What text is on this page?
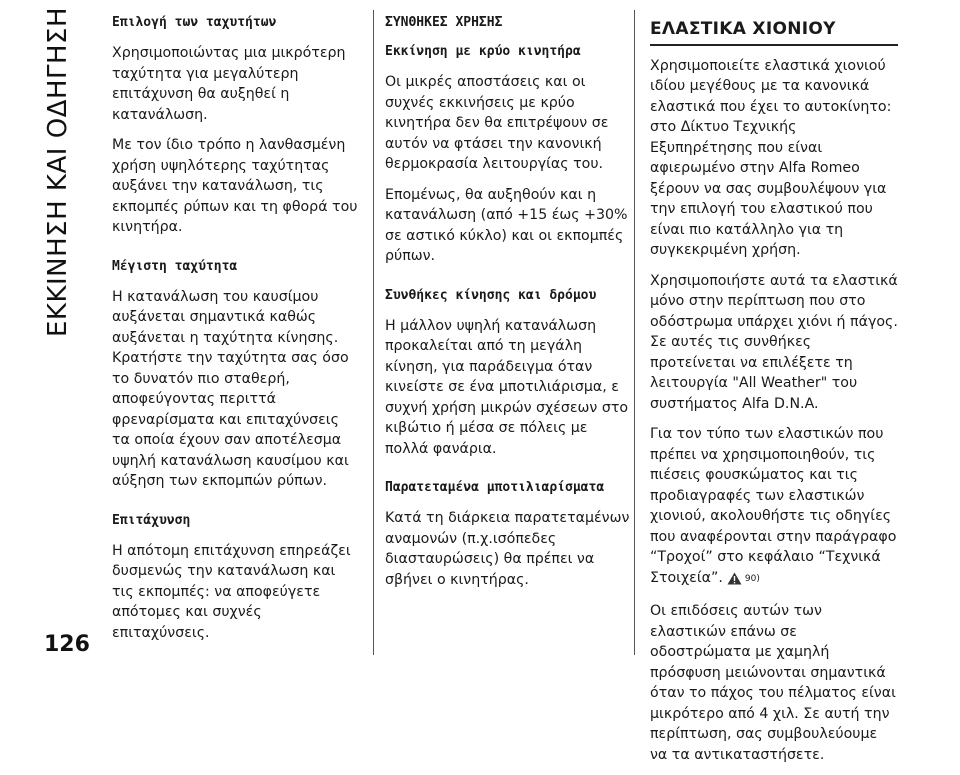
ΕΚΚΙΝΗΣΗ ΚΑΙ ΟΔΗΓΗΣΗ	Επιλογή των ταχυτήτων

Χρησιμοποιώντας μια μικρότερη ταχύτητα για μεγαλύτερη επιτάχυνση θα αυξηθεί η κατανάλωση.

Με τον ίδιο τρόπο η λανθασμένη χρήση υψηλότερης ταχύτητας αυξάνει την κατανάλωση, τις εκπομπές ρύπων και τη φθορά του κινητήρα.

Μέγιστη ταχύτητα

Η κατανάλωση του καυσίμου αυξάνεται σημαντικά καθώς αυξάνεται η ταχύτητα κίνησης. Κρατήστε την ταχύτητα σας όσο το δυνατόν πιο σταθερή, αποφεύγοντας περιττά φρεναρίσματα και επιταχύνσεις τα οποία έχουν σαν αποτέλεσμα υψηλή κατανάλωση καυσίμου και αύξηση των εκπομπών ρύπων.

Επιτάχυνση

Η απότομη επιτάχυνση επηρεάζει δυσμενώς την κατανάλωση και τις εκπομπές: να αποφεύγετε απότομες και συχνές επιταχύνσεις.

ΣΥΝΘΗΚΕΣ ΧΡΗΣΗΣ
Εκκίνηση με κρύο κινητήρα

Οι μικρές αποστάσεις και οι συχνές εκκινήσεις με κρύο κινητήρα δεν θα επιτρέψουν σε αυτόν να φτάσει την κανονική θερμοκρασία λειτουργίας του.

Επομένως, θα αυξηθούν και η κατανάλωση (από +15 έως +30% σε αστικό κύκλο) και οι εκπομπές ρύπων.

Συνθήκες κίνησης και δρόμου

Η μάλλον υψηλή κατανάλωση προκαλείται από τη μεγάλη κίνηση, για παράδειγμα όταν κινείστε σε ένα μποτιλιάρισμα, ε συχνή χρήση μικρών σχέσεων στο κιβώτιο ή μέσα σε πόλεις με πολλά φανάρια.

Παρατεταμένα μποτιλιαρίσματα

Κατά τη διάρκεια παρατεταμένων αναμονών (π.χ.ισόπεδες διασταυρώσεις) θα πρέπει να σβήνει ο κινητήρας.

ΕΛΑΣΤΙΚΑ ΧΙΟΝΙΟΥ

Χρησιμοποιείτε ελαστικά χιονιού ιδίου μεγέθους με τα κανονικά ελαστικά που έχει το αυτοκίνητο: στο Δίκτυο Τεχνικής Εξυπηρέτησης που είναι αφιερωμένο στην Alfa Romeo ξέρουν να σας συμβουλέψουν για την επιλογή του ελαστικού που είναι πιο κατάλληλο για τη συγκεκριμένη χρήση.

Χρησιμοποιήστε αυτά τα ελαστικά μόνο στην περίπτωση που στο οδόστρωμα υπάρχει χιόνι ή πάγος. Σε αυτές τις συνθήκες προτείνεται να επιλέξετε τη λειτουργία "All Weather" του συστήματος Alfa D.N.A.

Για τον τύπο των ελαστικών που πρέπει να χρησιμοποιηθούν, τις πιέσεις φουσκώματος και τις προδιαγραφές των ελαστικών χιονιού, ακολουθήστε τις οδηγίες που αναφέρονται στην παράγραφο “Τροχοί” στο κεφάλαιο “Τεχνικά Στοιχεία”. 90)

Οι επιδόσεις αυτών των ελαστικών επάνω σε οδοστρώματα με χαμηλή πρόσφυση μειώνονται σημαντικά όταν το πάχος του πέλματος είναι μικρότερο από 4 χιλ. Σε αυτή την περίπτωση, σας συμβουλεύουμε να τα αντικαταστήσετε.

126
